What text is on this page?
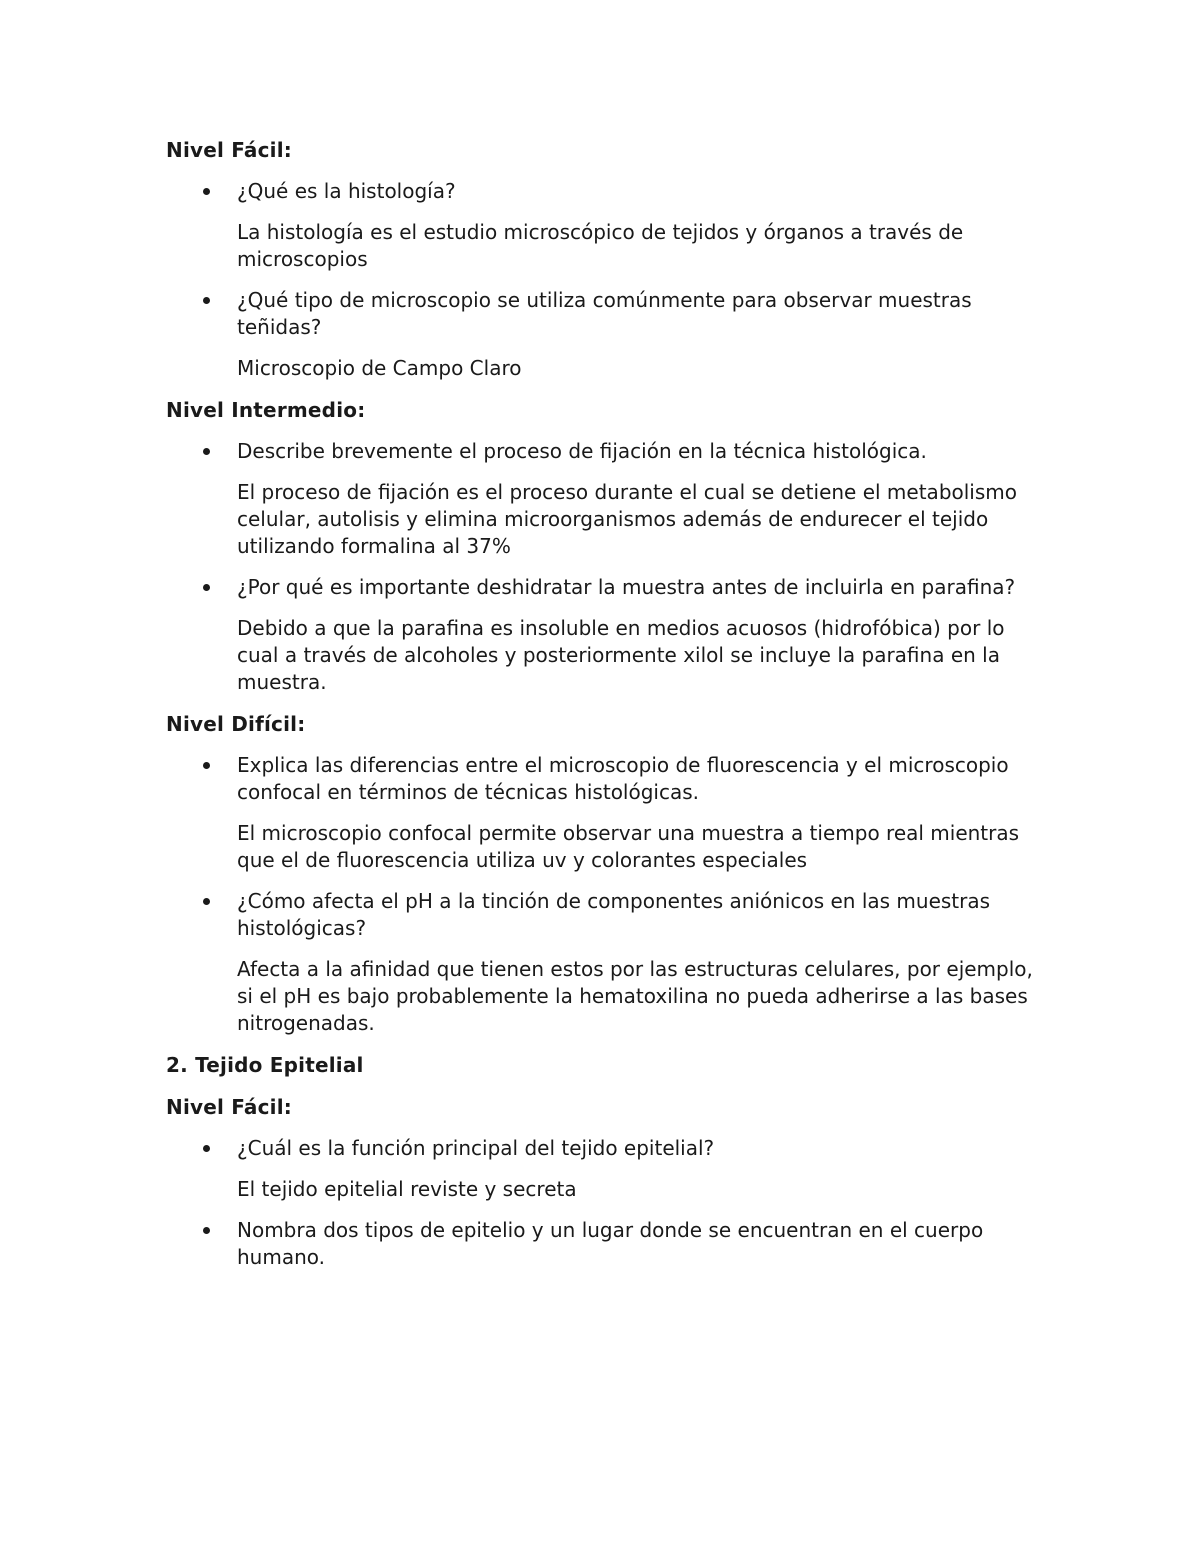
Nivel Fácil:

¿Qué es la histología?

La histología es el estudio microscópico de tejidos y órganos a través de microscopios

¿Qué tipo de microscopio se utiliza comúnmente para observar muestras teñidas?

Microscopio de Campo Claro

Nivel Intermedio:

Describe brevemente el proceso de fijación en la técnica histológica.

El proceso de fijación es el proceso durante el cual se detiene el metabolismo celular, autolisis y elimina microorganismos además de endurecer el tejido utilizando formalina al 37%

¿Por qué es importante deshidratar la muestra antes de incluirla en parafina?

Debido a que la parafina es insoluble en medios acuosos (hidrofóbica) por lo cual a través de alcoholes y posteriormente xilol se incluye la parafina en la muestra.

Nivel Difícil:

Explica las diferencias entre el microscopio de fluorescencia y el microscopio confocal en términos de técnicas histológicas.

El microscopio confocal permite observar una muestra a tiempo real mientras que el de fluorescencia utiliza uv y colorantes especiales

¿Cómo afecta el pH a la tinción de componentes aniónicos en las muestras histológicas?

Afecta a la afinidad que tienen estos por las estructuras celulares, por ejemplo, si el pH es bajo probablemente la hematoxilina no pueda adherirse a las bases nitrogenadas.

2. Tejido Epitelial
Nivel Fácil:

¿Cuál es la función principal del tejido epitelial?

El tejido epitelial reviste y secreta

Nombra dos tipos de epitelio y un lugar donde se encuentran en el cuerpo humano.
